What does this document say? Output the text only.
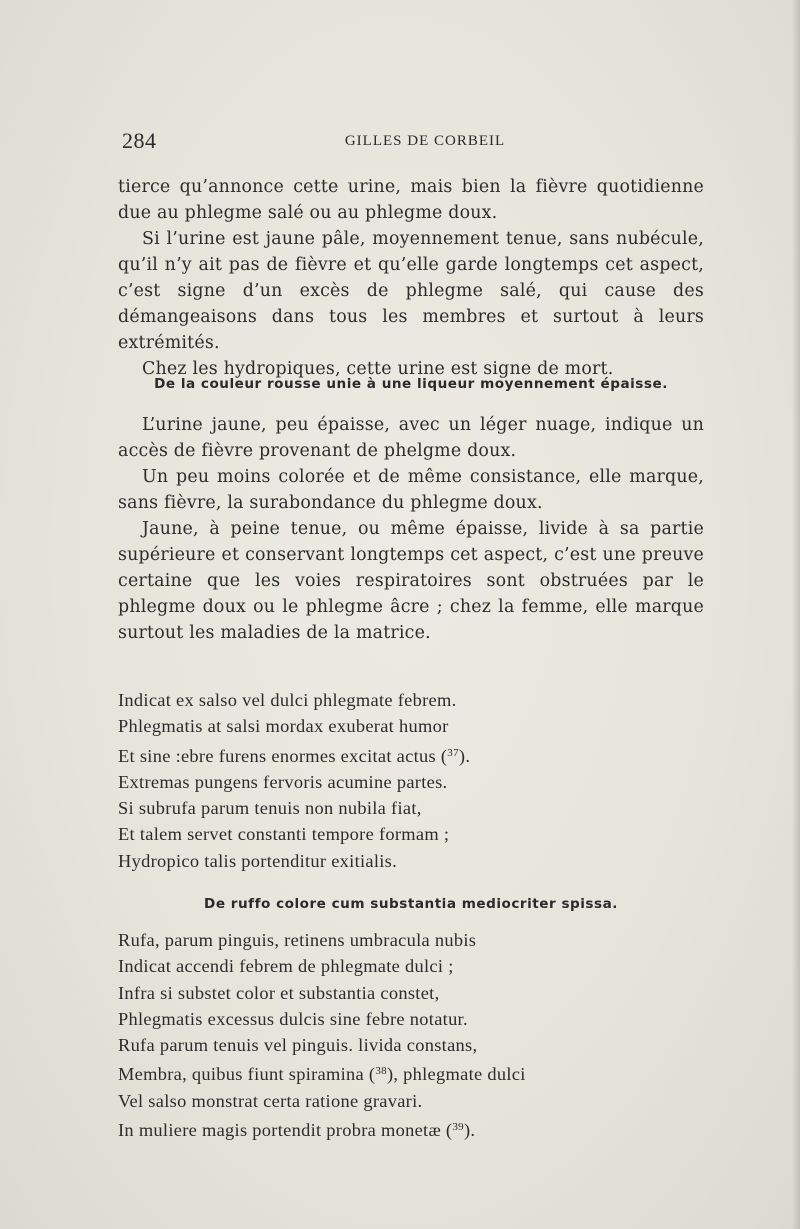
284	GILLES DE CORBEIL

tierce qu’annonce cette urine, mais bien la fièvre quotidienne due au phlegme salé ou au phlegme doux.

Si l’urine est jaune pâle, moyennement tenue, sans nubécule, qu’il n’y ait pas de fièvre et qu’elle garde longtemps cet aspect, c’est signe d’un excès de phlegme salé, qui cause des démangeaisons dans tous les membres et surtout à leurs extrémités.

Chez les hydropiques, cette urine est signe de mort.

De la couleur rousse unie à une liqueur moyennement épaisse.

L’urine jaune, peu épaisse, avec un léger nuage, indique un accès de fièvre provenant de phelgme doux.

Un peu moins colorée et de même consistance, elle marque, sans fièvre, la surabondance du phlegme doux.

Jaune, à peine tenue, ou même épaisse, livide à sa partie supérieure et conservant longtemps cet aspect, c’est une preuve certaine que les voies respiratoires sont obstruées par le phlegme doux ou le phlegme âcre ; chez la femme, elle marque surtout les maladies de la matrice.

Indicat ex salso vel dulci phlegmate febrem.
Phlegmatis at salsi mordax exuberat humor
Et sine :ebre furens enormes excitat actus ($^{37}$).
Extremas pungens fervoris acumine partes.
Si subrufa parum tenuis non nubila fiat,
Et talem servet constanti tempore formam ;
Hydropico talis portenditur exitialis.
De ruffo colore cum substantia mediocriter spissa.
Rufa, parum pinguis, retinens umbracula nubis
Indicat accendi febrem de phlegmate dulci ;
Infra si substet color et substantia constet,
Phlegmatis excessus dulcis sine febre notatur.
Rufa parum tenuis vel pinguis. livida constans,
Membra, quibus fiunt spiramina ($^{38}$), phlegmate dulci
Vel salso monstrat certa ratione gravari.
In muliere magis portendit probra monetæ ($^{39}$).
